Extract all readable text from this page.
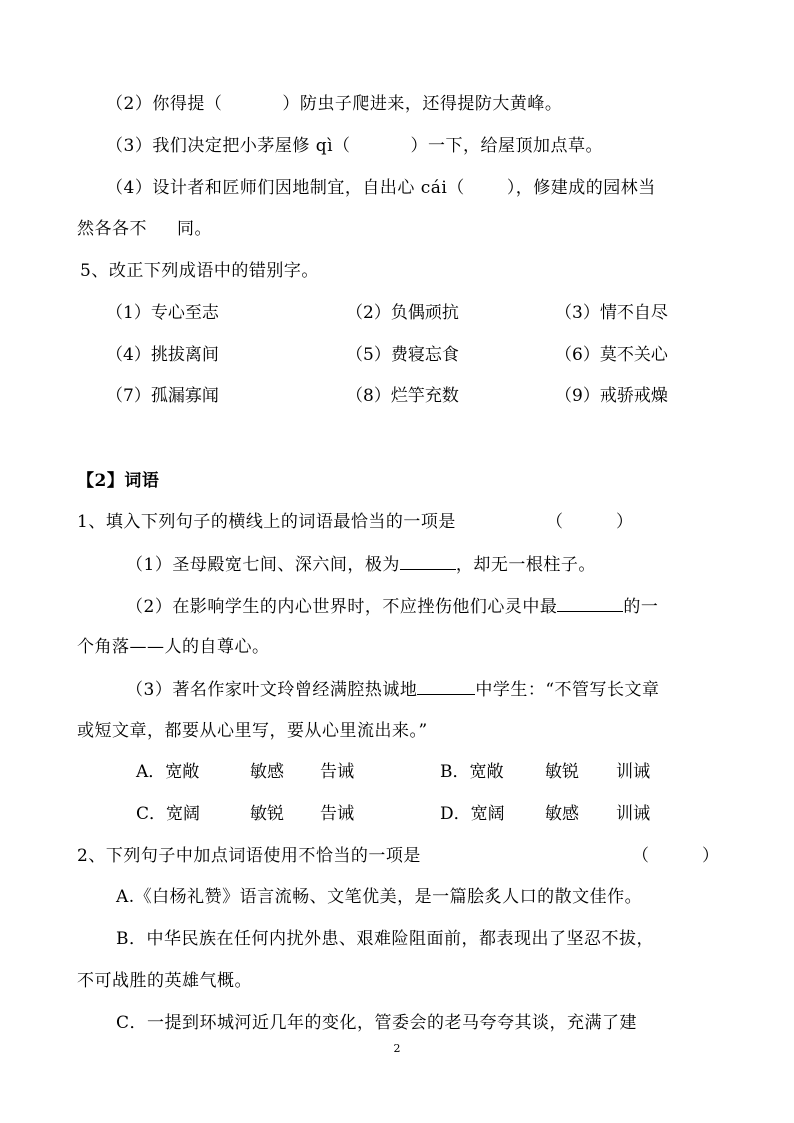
（2）你得提（	）防虫子爬进来，还得提防大黄峰。
（3）我们决定把小茅屋修 qì（	）一下，给屋顶加点草。
（4）设计者和匠师们因地制宜，自出心 cái（ ），修建成的园林当
然各各不 同。
5、改正下列成语中的错别字。
（1）专心至志	（2）负偶顽抗	（3）情不自尽
（4）挑拔离间	（5）费寝忘食	（6）莫不关心
（7）孤漏寡闻	（8）烂竽充数	（9）戒骄戒燥
【2】词语
1、填入下列句子的横线上的词语最恰当的一项是	（　　　）
（1）圣母殿宽七间、深六间，极为	，却无一根柱子。
（2）在影响学生的内心世界时，不应挫伤他们心灵中最	的一
个角落——人的自尊心。
（3）著名作家叶文玲曾经满腔热诚地	中学生：“不管写长文章
或短文章，都要从心里写，要从心里流出来。”
A．宽敞	敏感 告诫	B．宽敞 敏锐 训诫
C．宽阔	敏锐 告诫	D．宽阔 敏感 训诫
2、下列句子中加点词语使用不恰当的一项是	（　　　）
A.《白杨礼赞》语言流畅、文笔优美，是一篇脍炙人口的散文佳作。
B．中华民族在任何内扰外患、艰难险阻面前，都表现出了坚忍不拔，
不可战胜的英雄气概。
C．一提到环城河近几年的变化，管委会的老马夸夸其谈，充满了建
2
